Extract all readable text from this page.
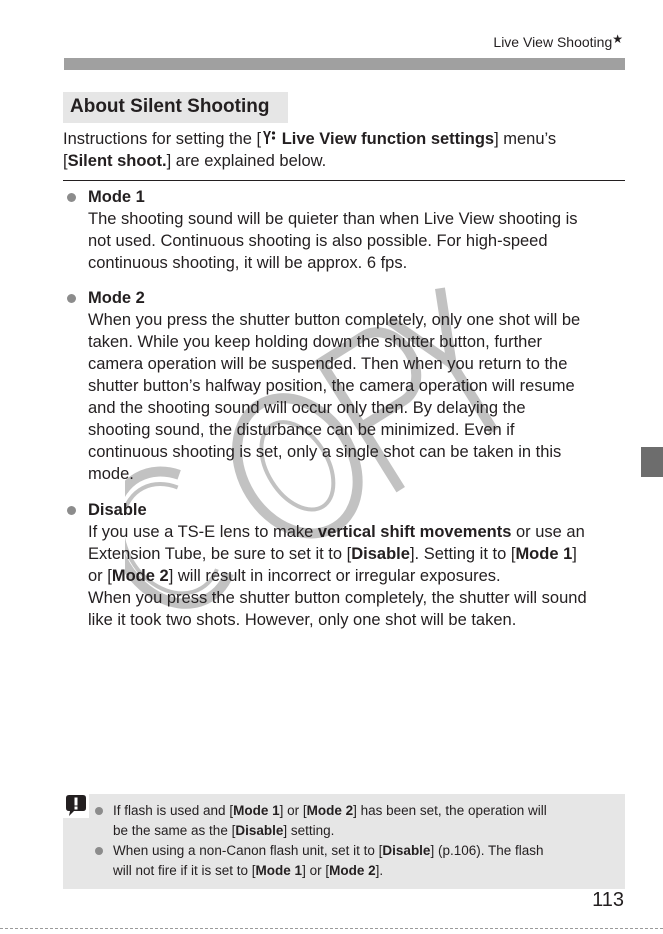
Live View Shooting★
About Silent Shooting
Instructions for setting the [ Live View function settings] menu’s
[Silent shoot.] are explained below.
Mode 1

The shooting sound will be quieter than when Live View shooting is

not used. Continuous shooting is also possible. For high-speed

continuous shooting, it will be approx. 6 fps.

Mode 2

When you press the shutter button completely, only one shot will be

taken. While you keep holding down the shutter button, further

camera operation will be suspended. Then when you return to the

shutter button’s halfway position, the camera operation will resume

and the shooting sound will occur only then. By delaying the

shooting sound, the disturbance can be minimized. Even if

continuous shooting is set, only a single shot can be taken in this

mode.

Disable

If you use a TS-E lens to make vertical shift movements or use an

Extension Tube, be sure to set it to [Disable]. Setting it to [Mode 1]

or [Mode 2] will result in incorrect or irregular exposures.

When you press the shutter button completely, the shutter will sound

like it took two shots. However, only one shot will be taken.

If flash is used and [Mode 1] or [Mode 2] has been set, the operation will

be the same as the [Disable] setting.

When using a non-Canon flash unit, set it to [Disable] (p.106). The flash

will not fire if it is set to [Mode 1] or [Mode 2].

113
